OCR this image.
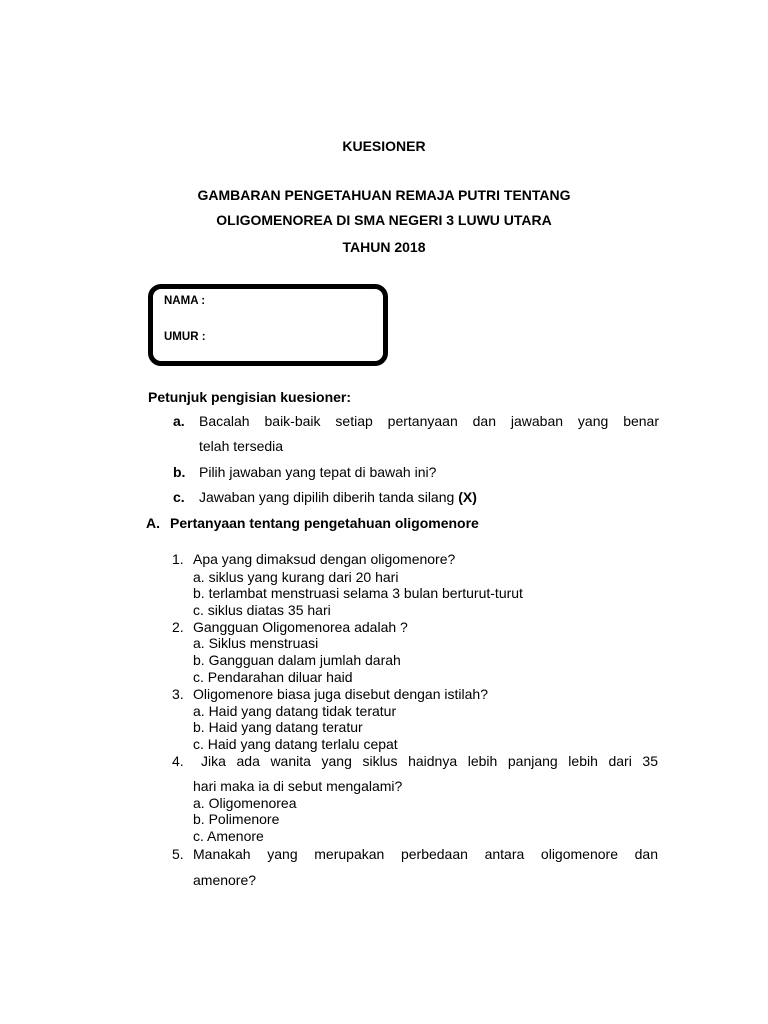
KUESIONER
GAMBARAN PENGETAHUAN REMAJA PUTRI TENTANG
OLIGOMENOREA DI SMA NEGERI 3 LUWU UTARA
TAHUN 2018
NAMA :
UMUR :
Petunjuk pengisian kuesioner:
a. Bacalah baik-baik setiap pertanyaan dan jawaban yang benar
telah tersedia
b. Pilih jawaban yang tepat di bawah ini?
c. Jawaban yang dipilih diberih tanda silang (X)
A. Pertanyaan tentang pengetahuan oligomenore
1. Apa yang dimaksud dengan oligomenore?
a. siklus yang kurang dari 20 hari
b. terlambat menstruasi selama 3 bulan berturut-turut
c. siklus diatas 35 hari
2. Gangguan Oligomenorea adalah ?
a. Siklus menstruasi
b. Gangguan dalam jumlah darah
c. Pendarahan diluar haid
3. Oligomenore biasa juga disebut dengan istilah?
a. Haid yang datang tidak teratur
b. Haid yang datang teratur
c. Haid yang datang terlalu cepat
4. Jika ada wanita yang siklus haidnya lebih panjang lebih dari 35
hari maka ia di sebut mengalami?
a. Oligomenorea
b. Polimenore
c. Amenore
5. Manakah yang merupakan perbedaan antara oligomenore dan
amenore?
